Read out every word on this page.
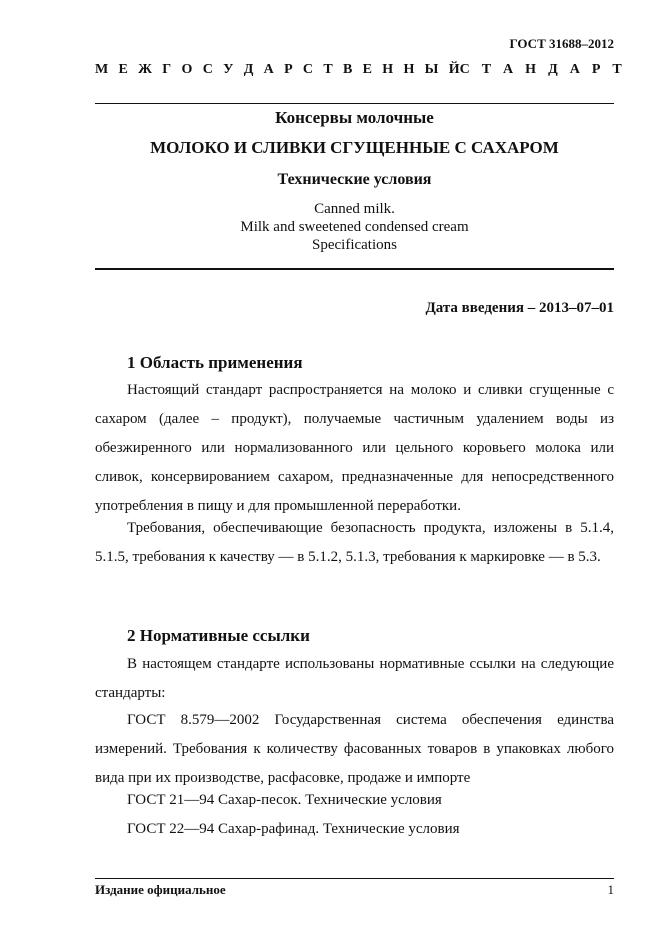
ГОСТ 31688–2012
М Е Ж Г О С У Д А Р С Т В Е Н Н Ы Й С Т А Н Д А Р Т
Консервы молочные
МОЛОКО И СЛИВКИ СГУЩЕННЫЕ С САХАРОМ
Технические условия
Canned milk.
Milk and sweetened condensed cream
Specifications
Дата введения – 2013–07–01
1 Область применения

Настоящий стандарт распространяется на молоко и сливки сгущенные с сахаром (далее – продукт), получаемые частичным удалением воды из обезжиренного или нормализованного или цельного коровьего молока или сливок, консервированием сахаром, предназначенные для непосредственного употребления в пищу и для промышленной переработки.

Требования, обеспечивающие безопасность продукта, изложены в 5.1.4, 5.1.5, требования к качеству — в 5.1.2, 5.1.3, требования к маркировке — в 5.3.

2 Нормативные ссылки

В настоящем стандарте использованы нормативные ссылки на следующие стандарты:

ГОСТ 8.579—2002 Государственная система обеспечения единства измерений. Требования к количеству фасованных товаров в упаковках любого вида при их производстве, расфасовке, продаже и импорте

ГОСТ 21—94 Сахар-песок. Технические условия

ГОСТ 22—94 Сахар-рафинад. Технические условия

Издание официальное	1
